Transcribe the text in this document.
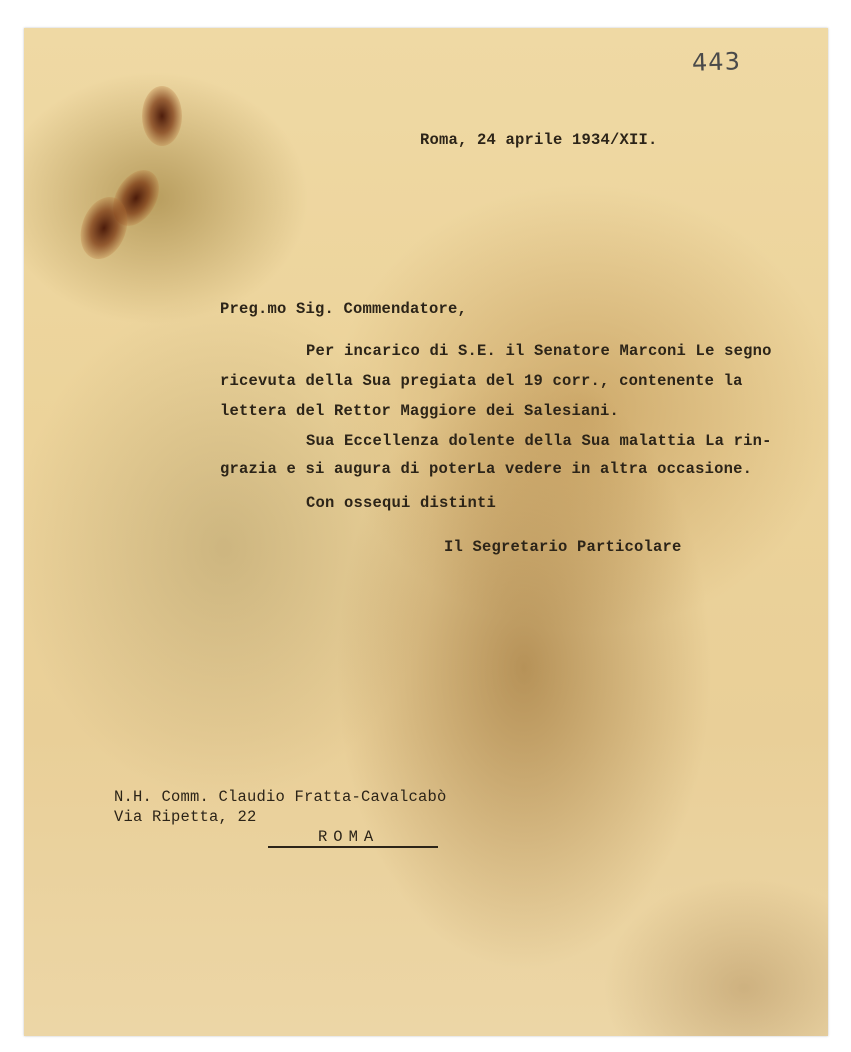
443
Roma, 24 aprile 1934/XII.
Preg.mo Sig. Commendatore,
Per incarico di S.E. il Senatore Marconi Le segno
ricevuta della Sua pregiata del 19 corr., contenente la
lettera del Rettor Maggiore dei Salesiani.
Sua Eccellenza dolente della Sua malattia La rin-
grazia e si augura di poterLa vedere in altra occasione.
Con ossequi distinti
Il Segretario Particolare
N.H. Comm. Claudio Fratta-Cavalcabò
Via Ripetta, 22
ROMA
